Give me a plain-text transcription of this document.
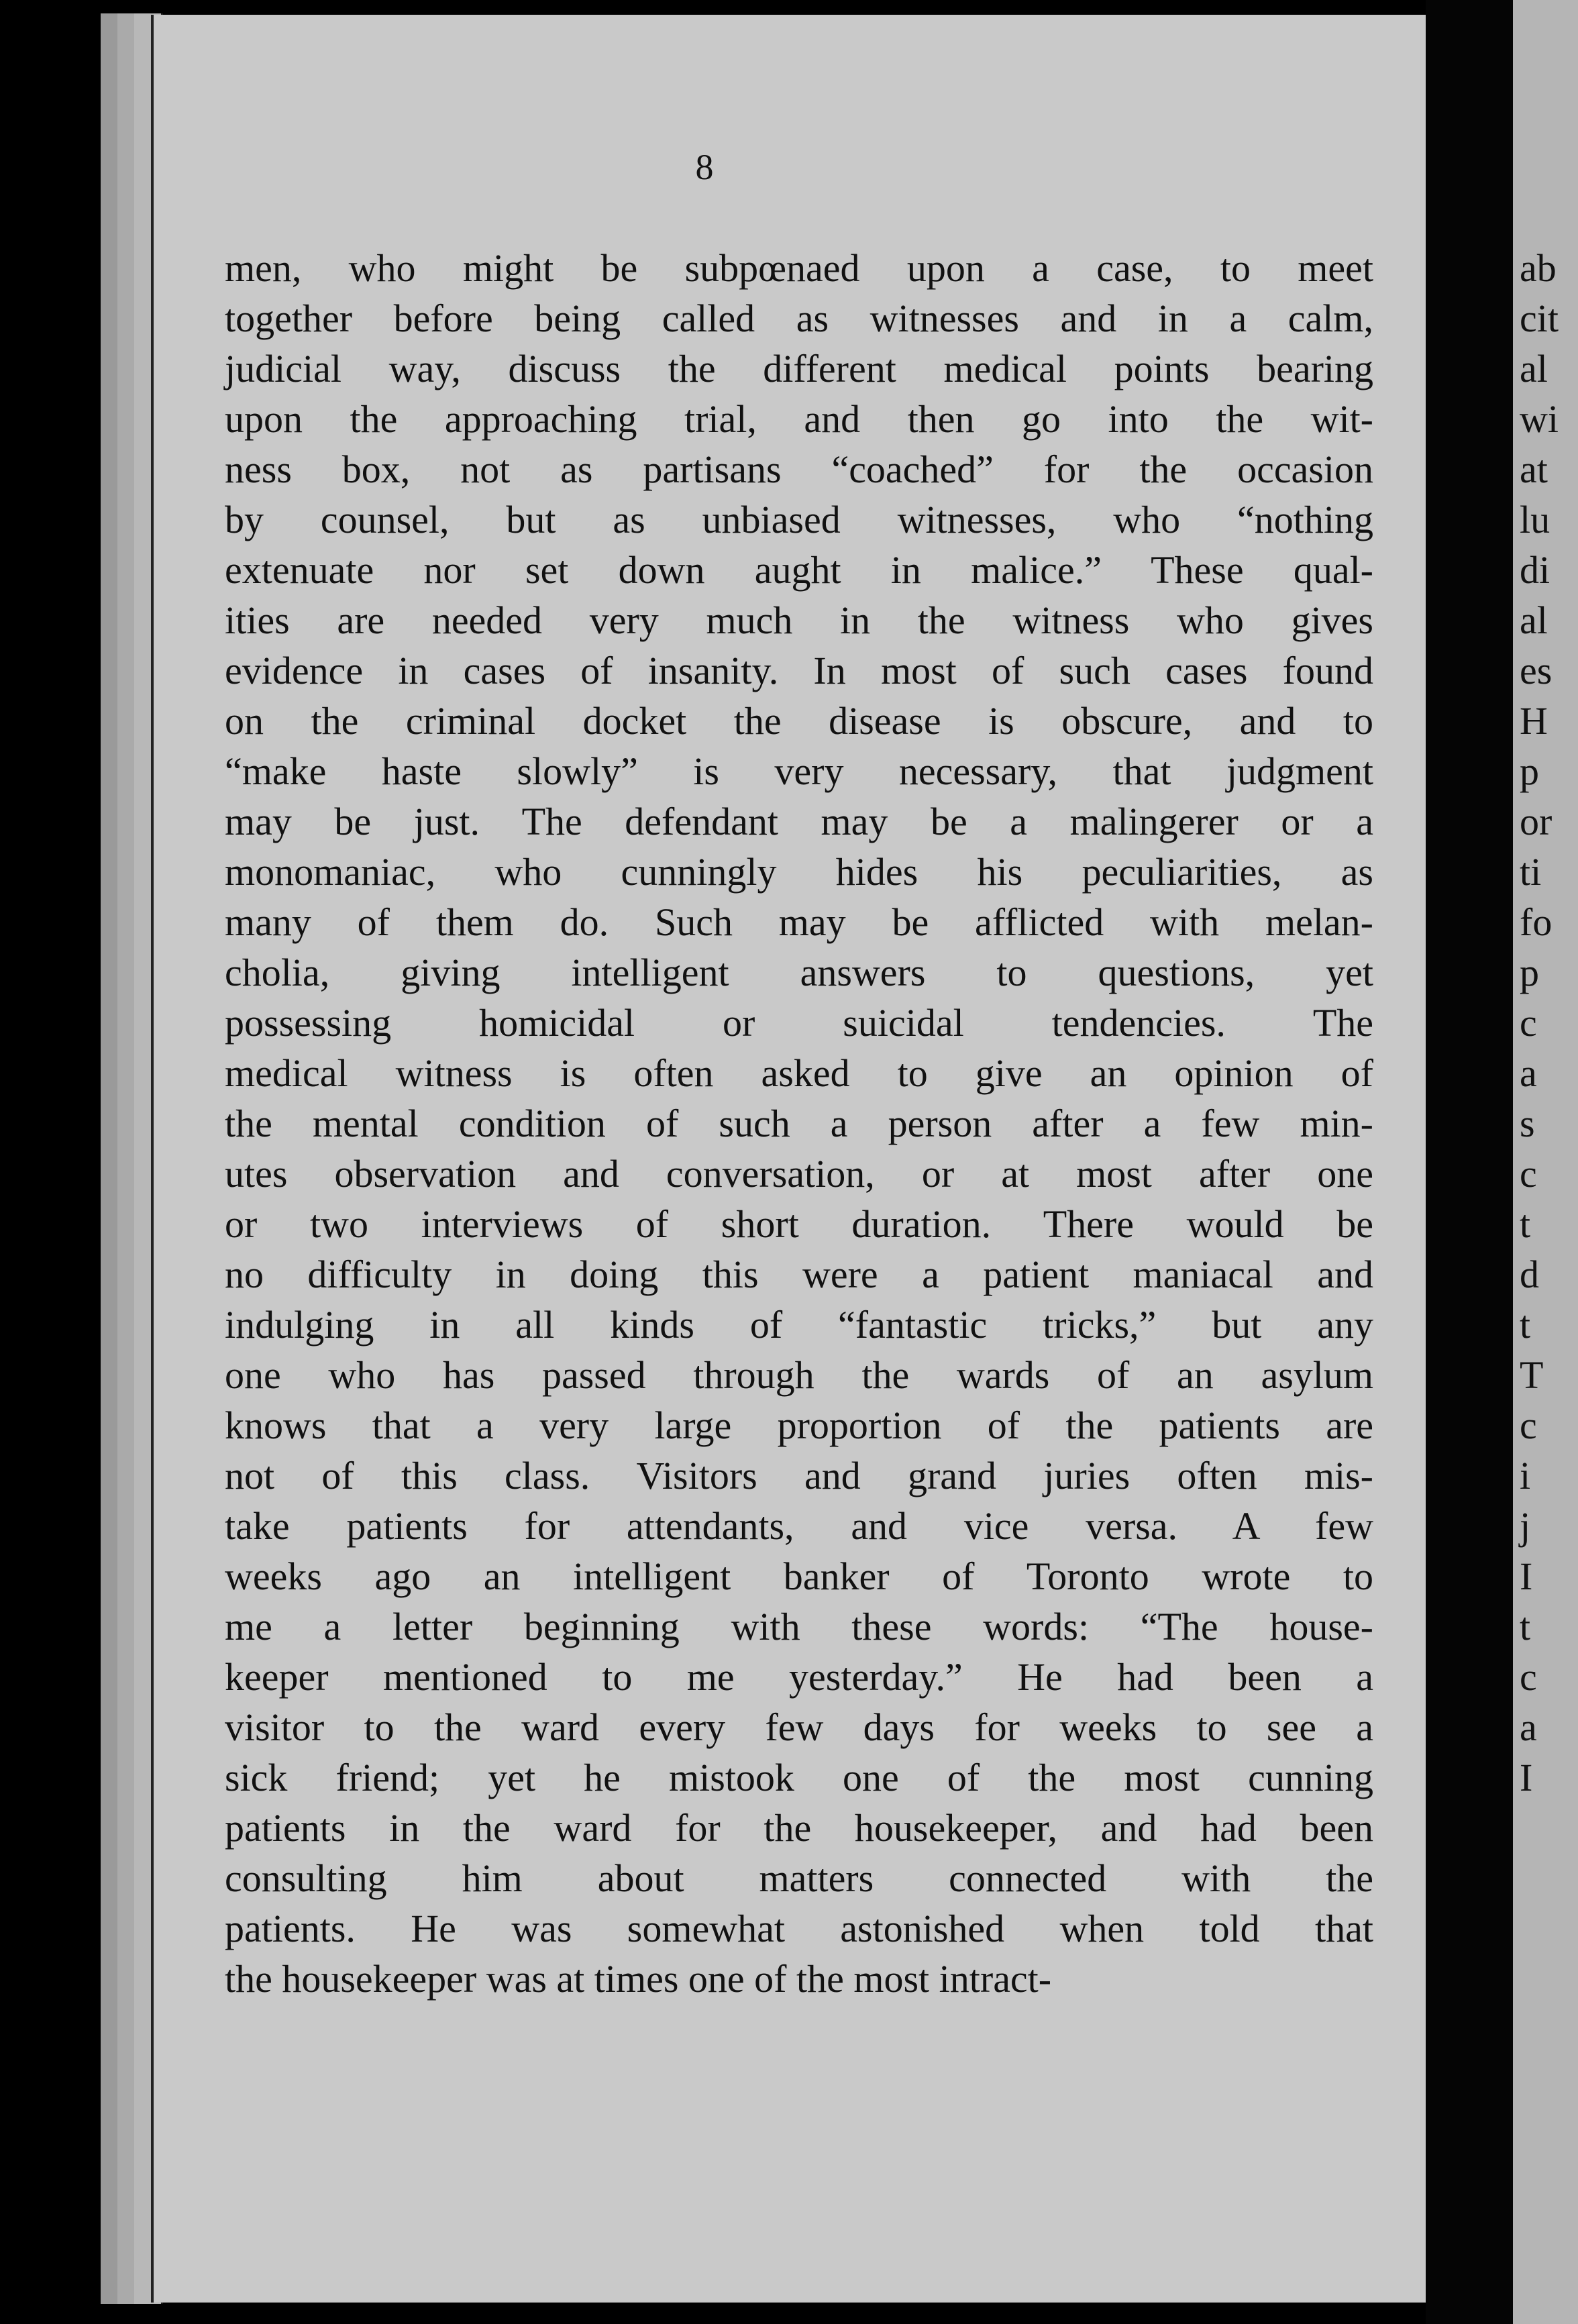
8
men, who might be subpœnaed upon a case, to meet
together before being called as witnesses and in a calm,
judicial way, discuss the different medical points bearing
upon the approaching trial, and then go into the wit-
ness box, not as partisans “coached” for the occasion
by counsel, but as unbiased witnesses, who “nothing
extenuate nor set down aught in malice.” These qual-
ities are needed very much in the witness who gives
evidence in cases of insanity. In most of such cases found
on the criminal docket the disease is obscure, and to
“make haste slowly” is very necessary, that judgment
may be just. The defendant may be a malingerer or a
monomaniac, who cunningly hides his peculiarities, as
many of them do. Such may be afflicted with melan-
cholia, giving intelligent answers to questions, yet
possessing homicidal or suicidal tendencies. The
medical witness is often asked to give an opinion of
the mental condition of such a person after a few min-
utes observation and conversation, or at most after one
or two interviews of short duration. There would be
no difficulty in doing this were a patient maniacal and
indulging in all kinds of “fantastic tricks,” but any
one who has passed through the wards of an asylum
knows that a very large proportion of the patients are
not of this class. Visitors and grand juries often mis-
take patients for attendants, and vice versa. A few
weeks ago an intelligent banker of Toronto wrote to
me a letter beginning with these words: “The house-
keeper mentioned to me yesterday.” He had been a
visitor to the ward every few days for weeks to see a
sick friend; yet he mistook one of the most cunning
patients in the ward for the housekeeper, and had been
consulting him about matters connected with the
patients. He was somewhat astonished when told that
the housekeeper was at times one of the most intract-
ab
cit
al
wi
at
lu
di
al
es
H
p
or
ti
fo
p
c
a
s
c
t
d
t
T
c
i
j
I
t
c
a
I
